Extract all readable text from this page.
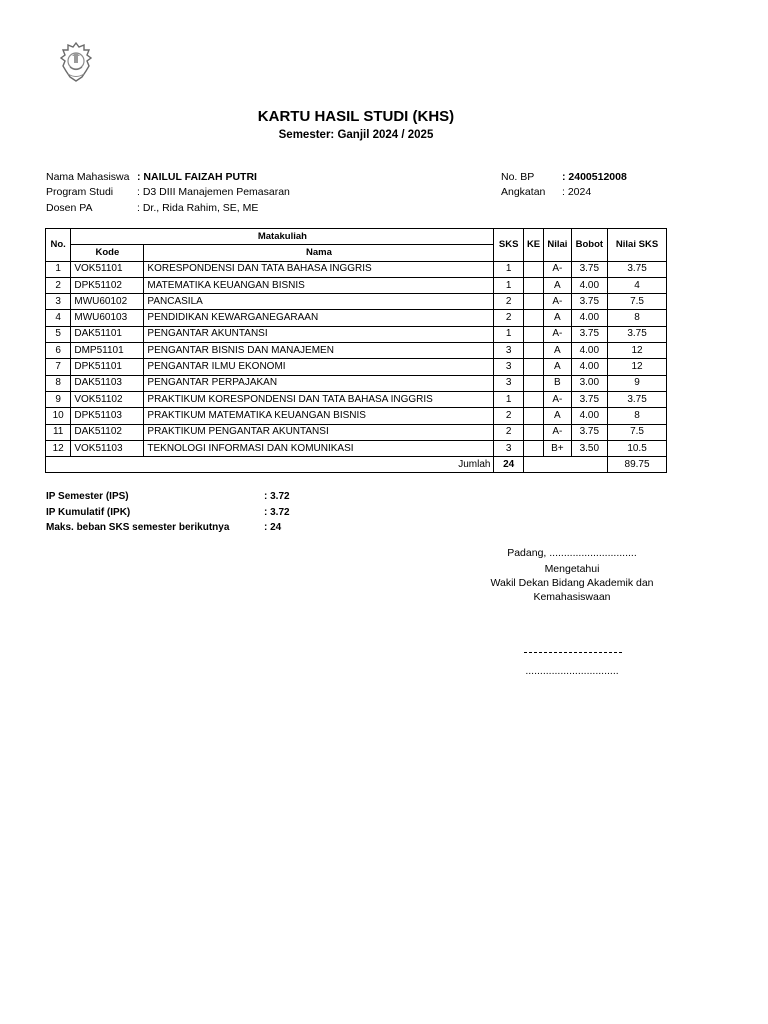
KARTU HASIL STUDI (KHS)
Semester: Ganjil 2024 / 2025
Nama Mahasiswa : NAILUL FAIZAH PUTRI
Program Studi : D3 DIII Manajemen Pemasaran
Dosen PA	: Dr., Rida Rahim, SE, ME
No. BP	: 2400512008
Angkatan : 2024
No.	Matakuliah		SKS	KE	Nilai	Bobot	Nilai SKS
	Kode	Nama					
1	VOK51101	KORESPONDENSI DAN TATA BAHASA INGGRIS	1		A-	3.75	3.75
2	DPK51102	MATEMATIKA KEUANGAN BISNIS	1		A	4.00	4
3	MWU60102	PANCASILA	2		A-	3.75	7.5
4	MWU60103	PENDIDIKAN KEWARGANEGARAAN	2		A	4.00	8
5	DAK51101	PENGANTAR AKUNTANSI	1		A-	3.75	3.75
6	DMP51101	PENGANTAR BISNIS DAN MANAJEMEN	3		A	4.00	12
7	DPK51101	PENGANTAR ILMU EKONOMI	3		A	4.00	12
8	DAK51103	PENGANTAR PERPAJAKAN	3		B	3.00	9
9	VOK51102	PRAKTIKUM KORESPONDENSI DAN TATA BAHASA INGGRIS	1		A-	3.75	3.75
10	DPK51103	PRAKTIKUM MATEMATIKA KEUANGAN BISNIS	2		A	4.00	8
11	DAK51102	PRAKTIKUM PENGANTAR AKUNTANSI	2		A-	3.75	7.5
12	VOK51103	TEKNOLOGI INFORMASI DAN KOMUNIKASI	3		B+	3.50	10.5
Jumlah			24				89.75
IP Semester (IPS)	: 3.72
IP Kumulatif (IPK)	: 3.72
Maks. beban SKS semester berikutnya	: 24
Padang, ..............................
Mengetahui
Wakil Dekan Bidang Akademik dan
Kemahasiswaan
................................
